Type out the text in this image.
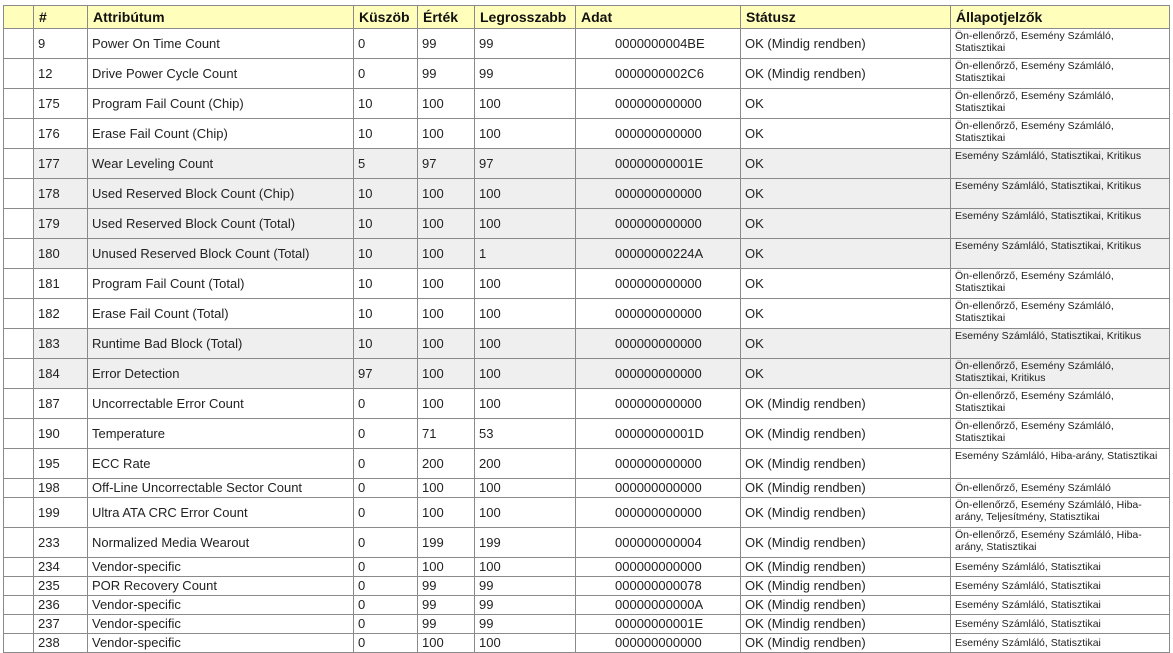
	#	Attribútum	Küszöb	Érték	Legrosszabb	Adat	Státusz	Állapotjelzők
	9	Power On Time Count	0	99	99	0000000004BE	OK (Mindig rendben)	Ön-ellenőrző, Esemény Számláló, Statisztikai
	12	Drive Power Cycle Count	0	99	99	0000000002C6	OK (Mindig rendben)	Ön-ellenőrző, Esemény Számláló, Statisztikai
	175	Program Fail Count (Chip)	10	100	100	000000000000	OK	Ön-ellenőrző, Esemény Számláló, Statisztikai
	176	Erase Fail Count (Chip)	10	100	100	000000000000	OK	Ön-ellenőrző, Esemény Számláló, Statisztikai
	177	Wear Leveling Count	5	97	97	00000000001E	OK	Esemény Számláló, Statisztikai, Kritikus
	178	Used Reserved Block Count (Chip)	10	100	100	000000000000	OK	Esemény Számláló, Statisztikai, Kritikus
	179	Used Reserved Block Count (Total)	10	100	100	000000000000	OK	Esemény Számláló, Statisztikai, Kritikus
	180	Unused Reserved Block Count (Total)	10	100	1	00000000224A	OK	Esemény Számláló, Statisztikai, Kritikus
	181	Program Fail Count (Total)	10	100	100	000000000000	OK	Ön-ellenőrző, Esemény Számláló, Statisztikai
	182	Erase Fail Count (Total)	10	100	100	000000000000	OK	Ön-ellenőrző, Esemény Számláló, Statisztikai
	183	Runtime Bad Block (Total)	10	100	100	000000000000	OK	Esemény Számláló, Statisztikai, Kritikus
	184	Error Detection	97	100	100	000000000000	OK	Ön-ellenőrző, Esemény Számláló, Statisztikai, Kritikus
	187	Uncorrectable Error Count	0	100	100	000000000000	OK (Mindig rendben)	Ön-ellenőrző, Esemény Számláló, Statisztikai
	190	Temperature	0	71	53	00000000001D	OK (Mindig rendben)	Ön-ellenőrző, Esemény Számláló, Statisztikai
	195	ECC Rate	0	200	200	000000000000	OK (Mindig rendben)	Esemény Számláló, Hiba-arány, Statisztikai
	198	Off-Line Uncorrectable Sector Count	0	100	100	000000000000	OK (Mindig rendben)	Ön-ellenőrző, Esemény Számláló
	199	Ultra ATA CRC Error Count	0	100	100	000000000000	OK (Mindig rendben)	Ön-ellenőrző, Esemény Számláló, Hiba-arány, Teljesítmény, Statisztikai
	233	Normalized Media Wearout	0	199	199	000000000004	OK (Mindig rendben)	Ön-ellenőrző, Esemény Számláló, Hiba-arány, Statisztikai
	234	Vendor-specific	0	100	100	000000000000	OK (Mindig rendben)	Esemény Számláló, Statisztikai
	235	POR Recovery Count	0	99	99	000000000078	OK (Mindig rendben)	Esemény Számláló, Statisztikai
	236	Vendor-specific	0	99	99	00000000000A	OK (Mindig rendben)	Esemény Számláló, Statisztikai
	237	Vendor-specific	0	99	99	00000000001E	OK (Mindig rendben)	Esemény Számláló, Statisztikai
	238	Vendor-specific	0	100	100	000000000000	OK (Mindig rendben)	Esemény Számláló, Statisztikai
